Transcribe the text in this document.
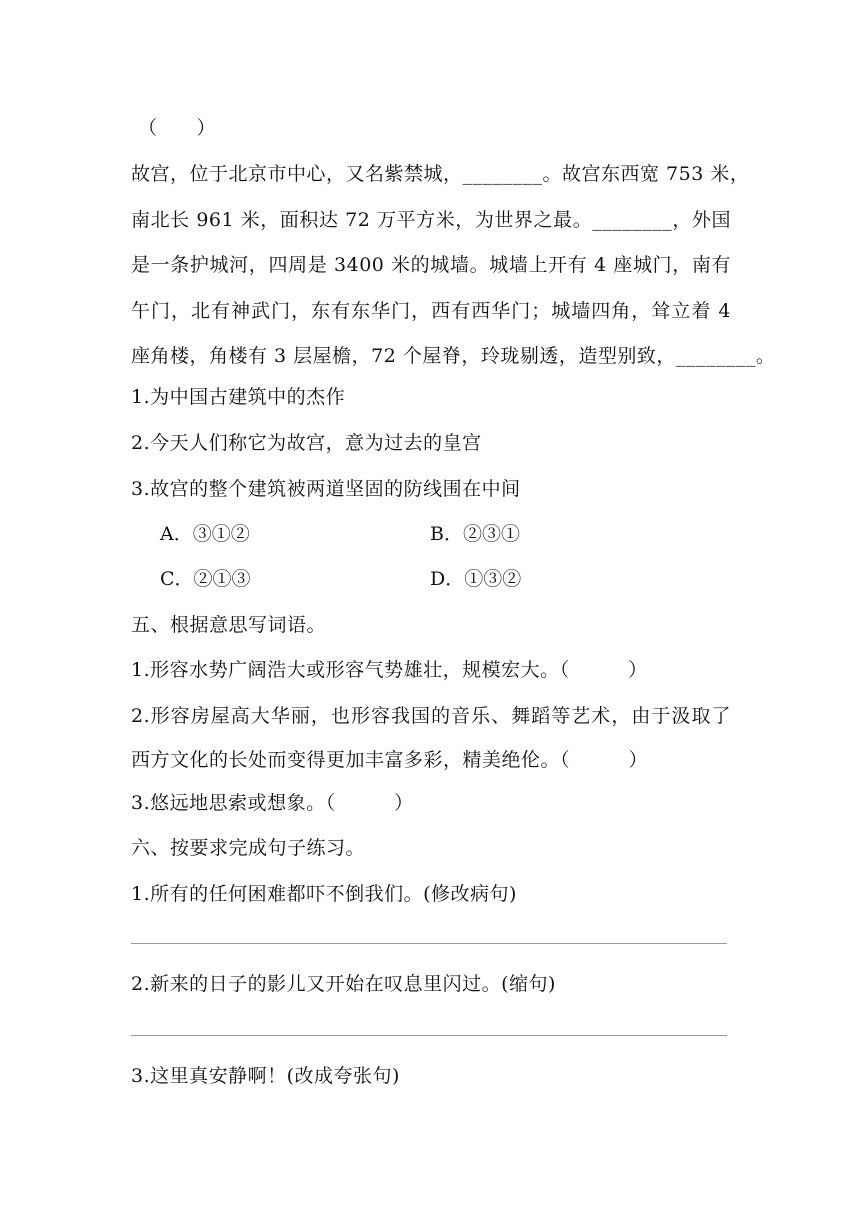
（　　）
故宫，位于北京市中心，又名紫禁城，________。故宫东西宽 753 米，
南北长 961 米，面积达 72 万平方米，为世界之最。________，外国
是一条护城河，四周是 3400 米的城墙。城墙上开有 4 座城门，南有
午门，北有神武门，东有东华门，西有西华门；城墙四角，耸立着 4
座角楼，角楼有 3 层屋檐，72 个屋脊，玲珑剔透，造型别致，________。
1.为中国古建筑中的杰作
2.今天人们称它为故宫，意为过去的皇宫
3.故宫的整个建筑被两道坚固的防线围在中间
A．③①②	B．②③①
C．②①③	D．①③②
五、根据意思写词语。
1.形容水势广阔浩大或形容气势雄壮，规模宏大。（　　　）
2.形容房屋高大华丽，也形容我国的音乐、舞蹈等艺术，由于汲取了
西方文化的长处而变得更加丰富多彩，精美绝伦。（　　　）
3.悠远地思索或想象。（　　　）
六、按要求完成句子练习。
1.所有的任何困难都吓不倒我们。(修改病句)
2.新来的日子的影儿又开始在叹息里闪过。(缩句)
3.这里真安静啊！(改成夸张句)
